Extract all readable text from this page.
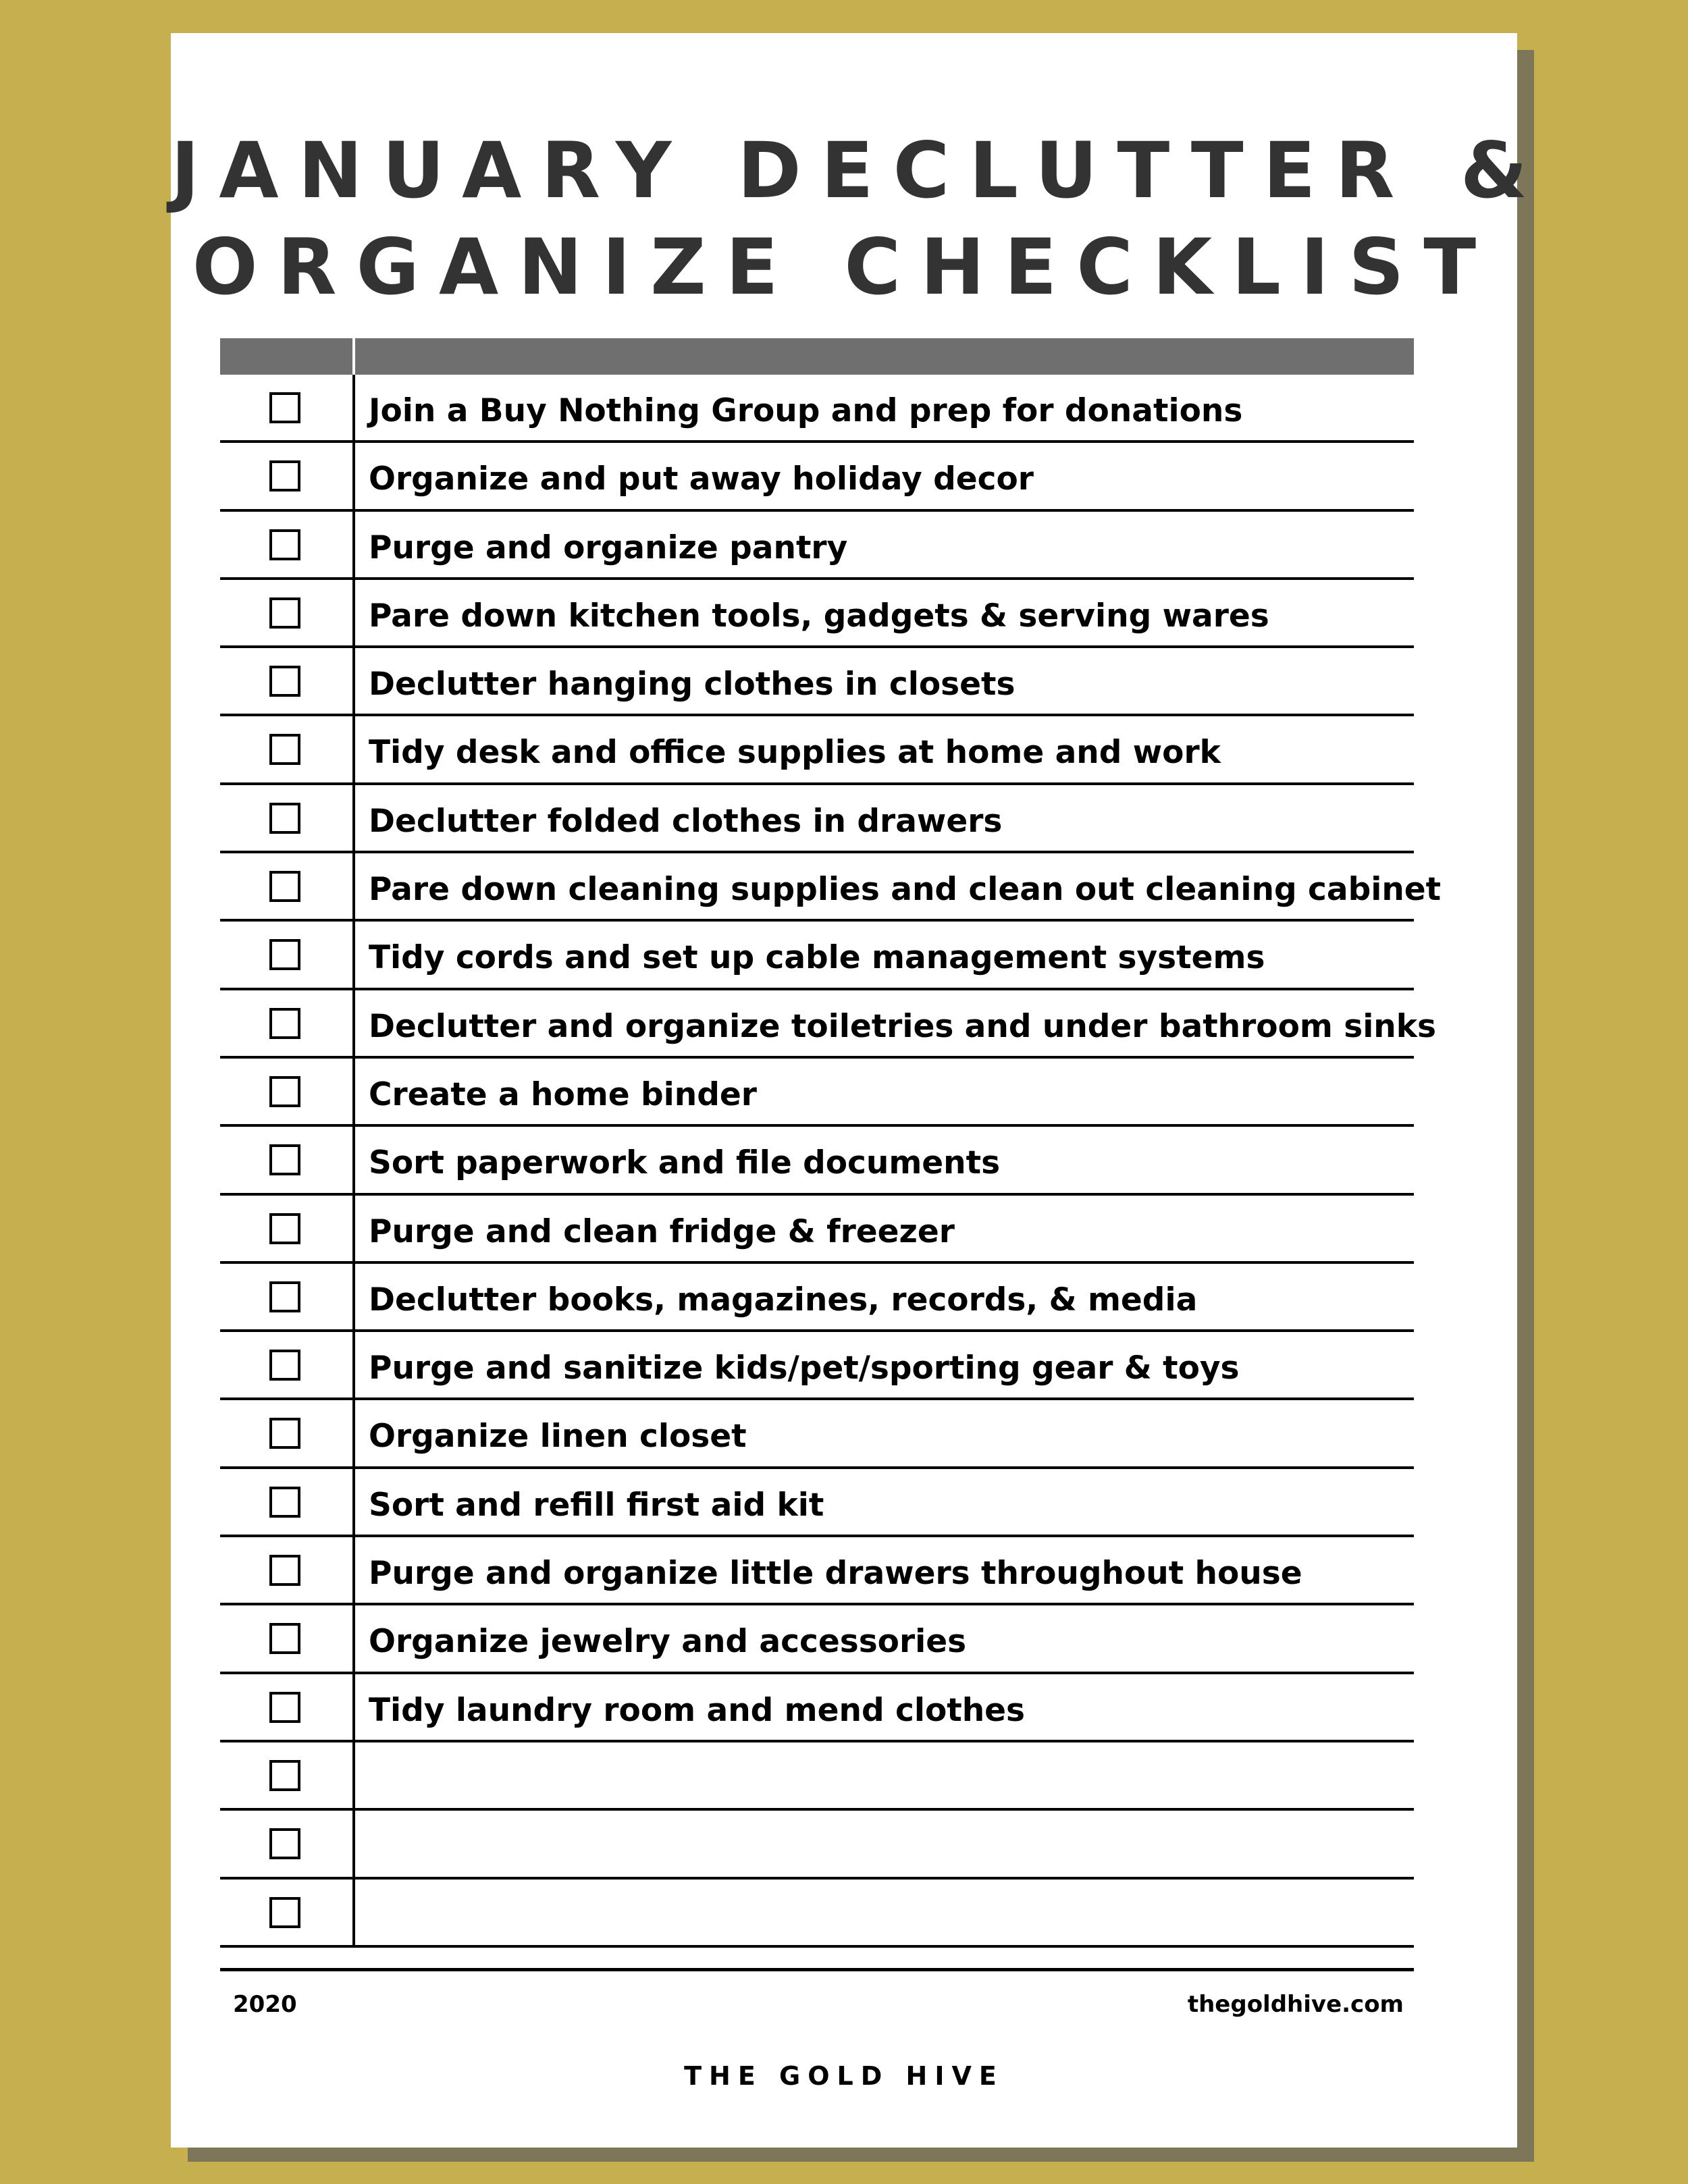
JANUARY DECLUTTER &
ORGANIZE CHECKLIST
Join a Buy Nothing Group and prep for donations
Organize and put away holiday decor
Purge and organize pantry
Pare down kitchen tools, gadgets & serving wares
Declutter hanging clothes in closets
Tidy desk and office supplies at home and work
Declutter folded clothes in drawers
Pare down cleaning supplies and clean out cleaning cabinet
Tidy cords and set up cable management systems
Declutter and organize toiletries and under bathroom sinks
Create a home binder
Sort paperwork and file documents
Purge and clean fridge & freezer
Declutter books, magazines, records, & media
Purge and sanitize kids/pet/sporting gear & toys
Organize linen closet
Sort and refill first aid kit
Purge and organize little drawers throughout house
Organize jewelry and accessories
Tidy laundry room and mend clothes
2020	thegoldhive.com
THE GOLD HIVE
